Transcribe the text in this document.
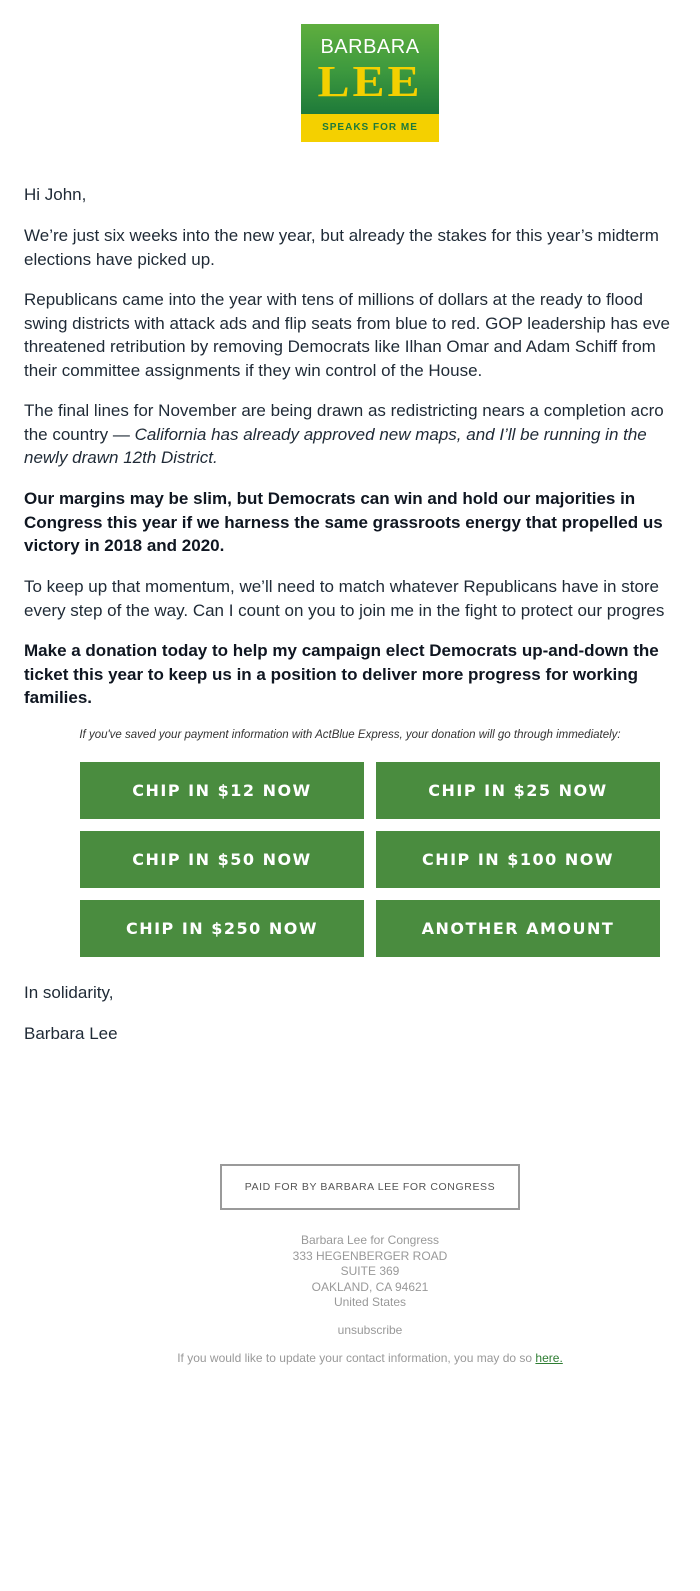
BARBARA
LEE
SPEAKS FOR ME

Hi John,

We’re just six weeks into the new year, but already the stakes for this year’s midterm

elections have picked up.

Republicans came into the year with tens of millions of dollars at the ready to flood

swing districts with attack ads and flip seats from blue to red. GOP leadership has eve

threatened retribution by removing Democrats like Ilhan Omar and Adam Schiff from

their committee assignments if they win control of the House.

The final lines for November are being drawn as redistricting nears a completion acro

the country — California has already approved new maps, and I’ll be running in the

newly drawn 12th District.

Our margins may be slim, but Democrats can win and hold our majorities in

Congress this year if we harness the same grassroots energy that propelled us

victory in 2018 and 2020.

To keep up that momentum, we’ll need to match whatever Republicans have in store

every step of the way. Can I count on you to join me in the fight to protect our progres

Make a donation today to help my campaign elect Democrats up-and-down the

ticket this year to keep us in a position to deliver more progress for working

families.

If you've saved your payment information with ActBlue Express, your donation will go through immediately:
CHIP IN $12 NOW	CHIP IN $25 NOW
CHIP IN $50 NOW	CHIP IN $100 NOW
CHIP IN $250 NOW	ANOTHER AMOUNT
In solidarity,
Barbara Lee
PAID FOR BY BARBARA LEE FOR CONGRESS
Barbara Lee for Congress
333 HEGENBERGER ROAD
SUITE 369
OAKLAND, CA 94621
United States
unsubscribe
If you would like to update your contact information, you may do so here.
